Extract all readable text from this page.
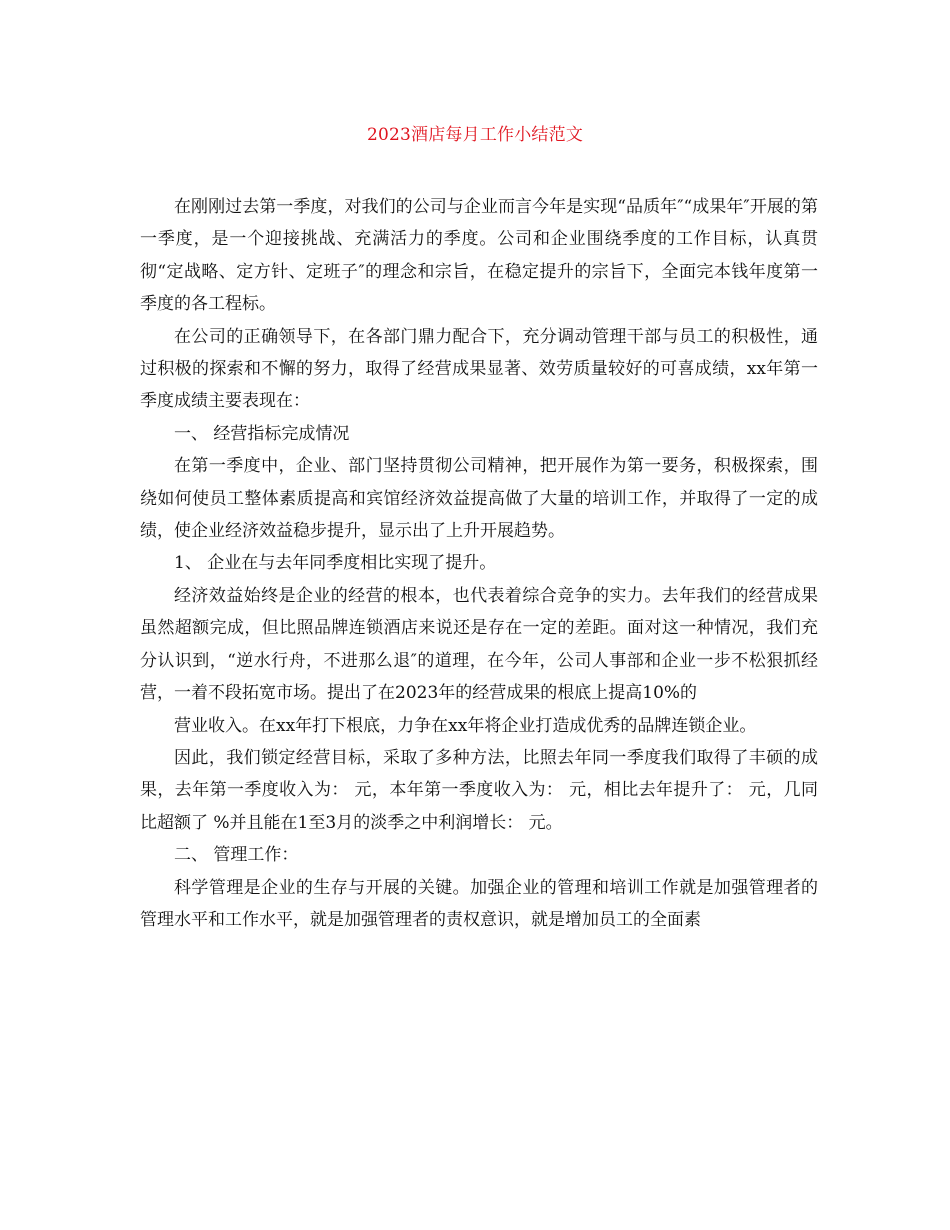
2023酒店每月工作小结范文

在刚刚过去第一季度，对我们的公司与企业而言今年是实现“品质年″“成果年″开展的第一季度，是一个迎接挑战、充满活力的季度。公司和企业围绕季度的工作目标，认真贯彻“定战略、定方针、定班子″的理念和宗旨，在稳定提升的宗旨下，全面完本钱年度第一季度的各工程标。

在公司的正确领导下，在各部门鼎力配合下，充分调动管理干部与员工的积极性，通过积极的探索和不懈的努力，取得了经营成果显著、效劳质量较好的可喜成绩，xx年第一季度成绩主要表现在：

一、 经营指标完成情况

在第一季度中，企业、部门坚持贯彻公司精神，把开展作为第一要务，积极探索，围绕如何使员工整体素质提高和宾馆经济效益提高做了大量的培训工作，并取得了一定的成绩，使企业经济效益稳步提升，显示出了上升开展趋势。

1、 企业在与去年同季度相比实现了提升。

经济效益始终是企业的经营的根本，也代表着综合竞争的实力。去年我们的经营成果虽然超额完成，但比照品牌连锁酒店来说还是存在一定的差距。面对这一种情况，我们充分认识到，“逆水行舟，不进那么退″的道理，在今年，公司人事部和企业一步不松狠抓经营，一着不段拓宽市场。提出了在2023年的经营成果的根底上提高10%的

营业收入。在xx年打下根底，力争在xx年将企业打造成优秀的品牌连锁企业。

因此，我们锁定经营目标，采取了多种方法，比照去年同一季度我们取得了丰硕的成果，去年第一季度收入为： 元，本年第一季度收入为： 元，相比去年提升了： 元，几同比超额了 %并且能在1至3月的淡季之中利润增长： 元。

二、 管理工作：

科学管理是企业的生存与开展的关键。加强企业的管理和培训工作就是加强管理者的管理水平和工作水平，就是加强管理者的责权意识，就是增加员工的全面素
